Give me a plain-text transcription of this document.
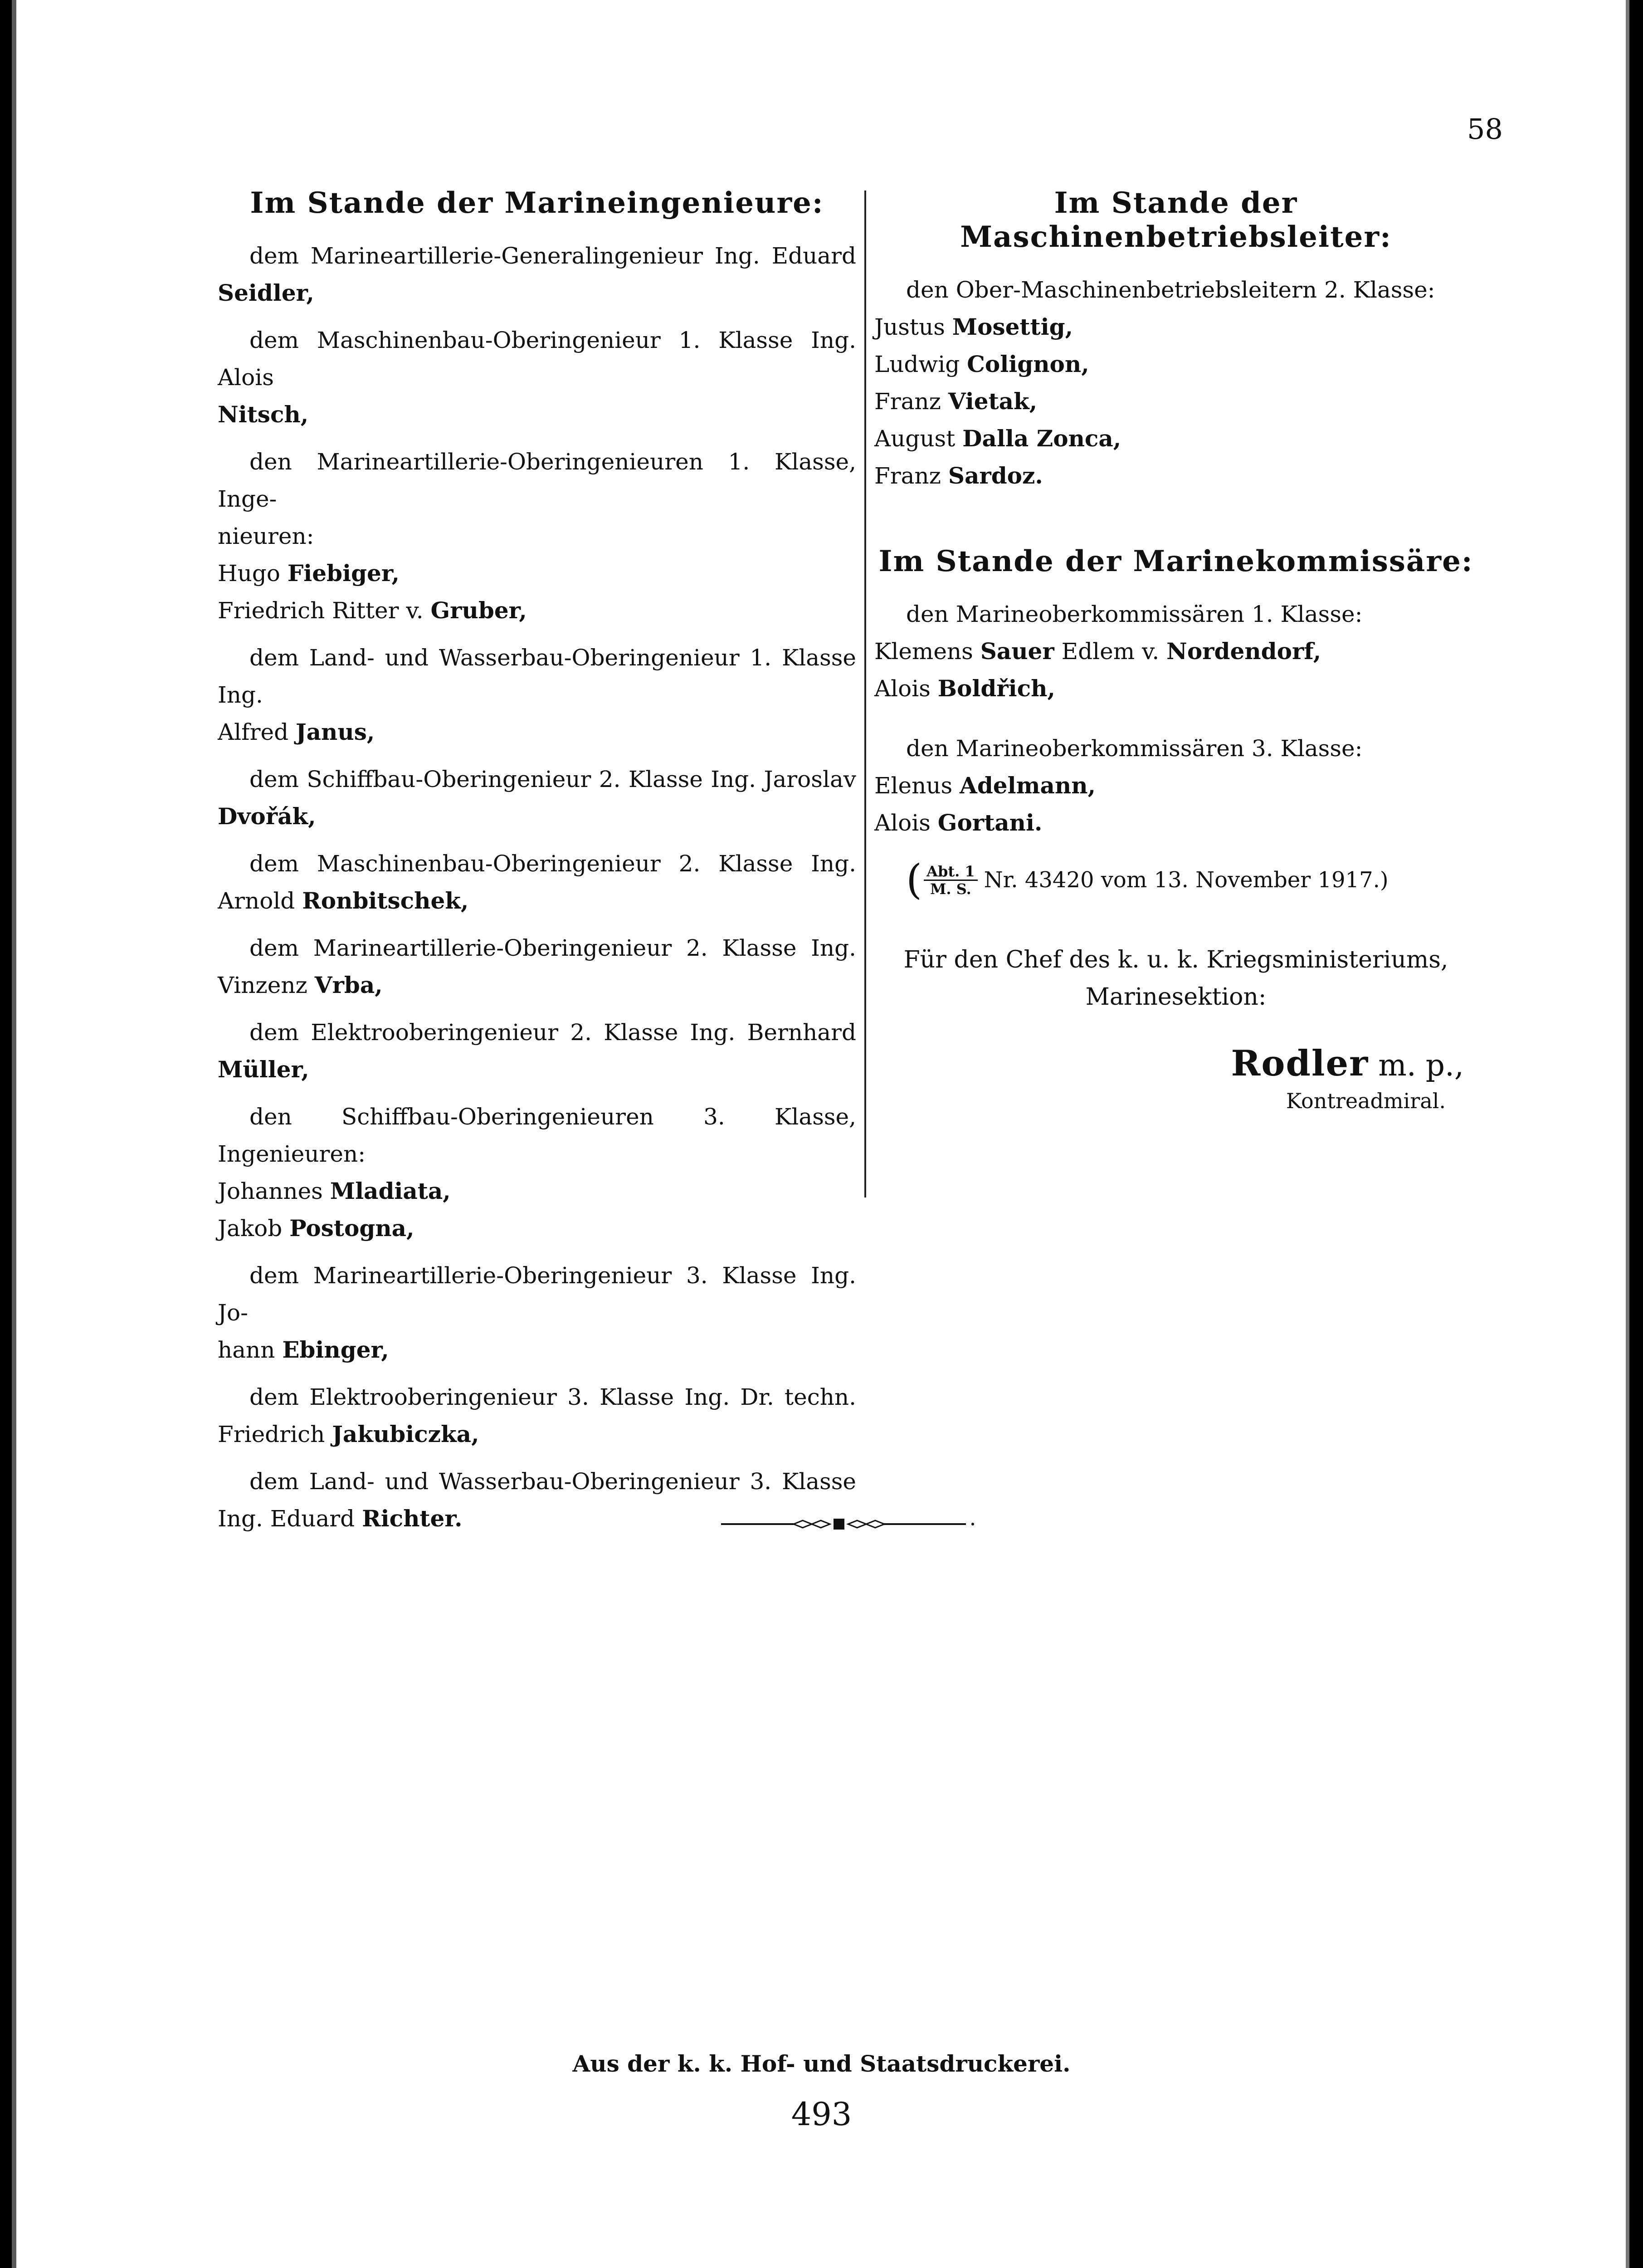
58
Im Stande der Marineingenieure:
dem Marineartillerie-Generalingenieur Ing. Eduard
Seidler,
dem Maschinenbau-Oberingenieur 1. Klasse Ing. Alois
Nitsch,
den Marineartillerie-Oberingenieuren 1. Klasse, Inge-
nieuren:
Hugo Fiebiger,
Friedrich Ritter v. Gruber,
dem Land- und Wasserbau-Oberingenieur 1. Klasse Ing.
Alfred Janus,
dem Schiffbau-Oberingenieur 2. Klasse Ing. Jaroslav
Dvořák,
dem Maschinenbau-Oberingenieur 2. Klasse Ing.
Arnold Ronbitschek,
dem Marineartillerie-Oberingenieur 2. Klasse Ing.
Vinzenz Vrba,
dem Elektrooberingenieur 2. Klasse Ing. Bernhard
Müller,
den Schiffbau-Oberingenieuren 3. Klasse, Ingenieuren:
Johannes Mladiata,
Jakob Postogna,
dem Marineartillerie-Oberingenieur 3. Klasse Ing. Jo-
hann Ebinger,
dem Elektrooberingenieur 3. Klasse Ing. Dr. techn.
Friedrich Jakubiczka,
dem Land- und Wasserbau-Oberingenieur 3. Klasse
Ing. Eduard Richter.
Im Stande der Maschinenbetriebsleiter:
den Ober-Maschinenbetriebsleitern 2. Klasse:
Justus Mosettig,
Ludwig Colignon,
Franz Vietak,
August Dalla Zonca,
Franz Sardoz.
Im Stande der Marinekommissäre:
den Marineoberkommissären 1. Klasse:
Klemens Sauer Edlem v. Nordendorf,
Alois Boldřich,
den Marineoberkommissären 3. Klasse:
Elenus Adelmann,
Alois Gortani.
( $\frac{\text{Abt. 1}}{M. S.} Nr$. 43420 vom 13. November 1917.)
Für den Chef des k. u. k. Kriegsministeriums,
Marinesektion:
Rodler m. p.,
Kontreadmiral.
Aus der k. k. Hof- und Staatsdruckerei.
493
